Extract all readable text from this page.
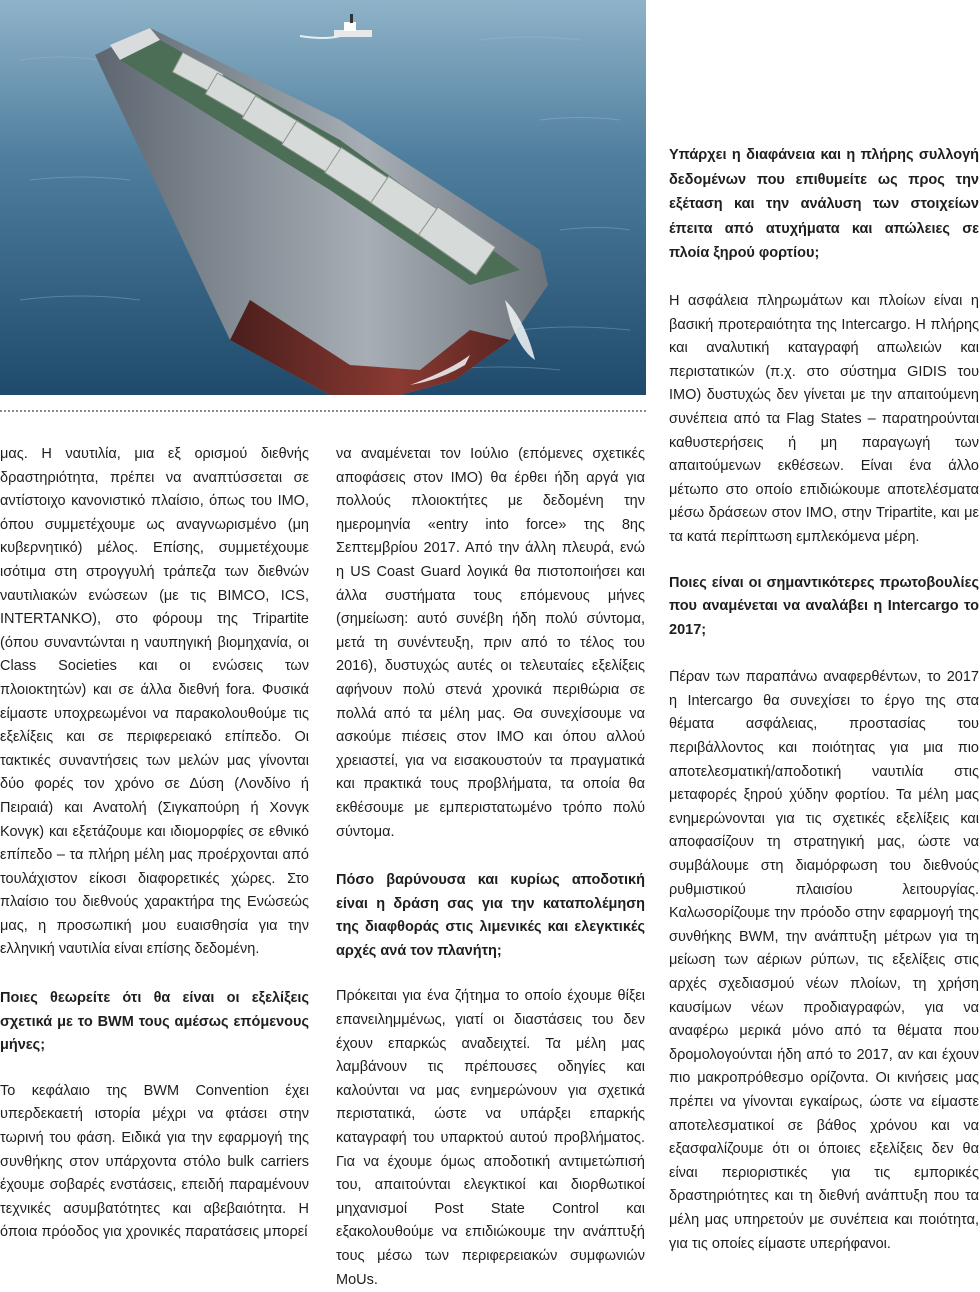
μας. Η ναυτιλία, μια εξ ορισμού διεθνής δραστηριότητα, πρέπει να αναπτύσσεται σε αντίστοιχο κανονιστικό πλαίσιο, όπως του IMO, όπου συμμετέχουμε ως αναγνωρισμένο (μη κυβερνητικό) μέλος. Επίσης, συμμετέχουμε ισότιμα στη στρογγυλή τράπεζα των διεθνών ναυτιλιακών ενώσεων (με τις BIMCO, ICS, INTERTANKO), στο φόρουμ της Tripartite (όπου συναντώνται η ναυπηγική βιομηχανία, οι Class Societies και οι ενώσεις των πλοιοκτητών) και σε άλλα διεθνή fora. Φυσικά είμαστε υποχρεωμένοι να παρακολουθούμε τις εξελίξεις και σε περιφερειακό επίπεδο. Οι τακτικές συναντήσεις των μελών μας γίνονται δύο φορές τον χρόνο σε Δύση (Λονδίνο ή Πειραιά) και Ανατολή (Σιγκαπούρη ή Χονγκ Κονγκ) και εξετάζουμε και ιδιομορφίες σε εθνικό επίπεδο – τα πλήρη μέλη μας προέρχονται από τουλάχιστον είκοσι διαφορετικές χώρες. Στο πλαίσιο του διεθνούς χαρακτήρα της Ενώσεώς μας, η προσωπική μου ευαισθησία για την ελληνική ναυτιλία είναι επίσης δεδομένη.

Ποιες θεωρείτε ότι θα είναι οι εξελίξεις σχετικά με το BWM τους αμέσως επόμενους μήνες;

Το κεφάλαιο της BWM Convention έχει υπερδεκαετή ιστορία μέχρι να φτάσει στην τωρινή του φάση. Ειδικά για την εφαρμογή της συνθήκης στον υπάρχοντα στόλο bulk carriers έχουμε σοβαρές ενστάσεις, επειδή παραμένουν τεχνικές ασυμβατότητες και αβεβαιότητα. Η όποια πρόοδος για χρονικές παρατάσεις μπορεί

να αναμένεται τον Ιούλιο (επόμενες σχετικές αποφάσεις στον IMO) θα έρθει ήδη αργά για πολλούς πλοιοκτήτες με δεδομένη την ημερομηνία «entry into force» της 8ης Σεπτεμβρίου 2017. Από την άλλη πλευρά, ενώ η US Coast Guard λογικά θα πιστοποιήσει και άλλα συστήματα τους επόμενους μήνες (σημείωση: αυτό συνέβη ήδη πολύ σύντομα, μετά τη συνέντευξη, πριν από το τέλος του 2016), δυστυχώς αυτές οι τελευταίες εξελίξεις αφήνουν πολύ στενά χρονικά περιθώρια σε πολλά από τα μέλη μας. Θα συνεχίσουμε να ασκούμε πιέσεις στον IMO και όπου αλλού χρειαστεί, για να εισακουστούν τα πραγματικά και πρακτικά τους προβλήματα, τα οποία θα εκθέσουμε με εμπεριστατωμένο τρόπο πολύ σύντομα.

Πόσο βαρύνουσα και κυρίως αποδοτική είναι η δράση σας για την καταπολέμηση της διαφθοράς στις λιμενικές και ελεγκτικές αρχές ανά τον πλανήτη;

Πρόκειται για ένα ζήτημα το οποίο έχουμε θίξει επανειλημμένως, γιατί οι διαστάσεις του δεν έχουν επαρκώς αναδειχτεί. Τα μέλη μας λαμβάνουν τις πρέπουσες οδηγίες και καλούνται να μας ενημερώνουν για σχετικά περιστατικά, ώστε να υπάρξει επαρκής καταγραφή του υπαρκτού αυτού προβλήματος. Για να έχουμε όμως αποδοτική αντιμετώπισή του, απαιτούνται ελεγκτικοί και διορθωτικοί μηχανισμοί Post State Control και εξακολουθούμε να επιδιώκουμε την ανάπτυξή τους μέσω των περιφερειακών συμφωνιών MoUs.

Υπάρχει η διαφάνεια και η πλήρης συλλογή δεδομένων που επιθυμείτε ως προς την εξέταση και την ανάλυση των στοιχείων έπειτα από ατυχήματα και απώλειες σε πλοία ξηρού φορτίου;

Η ασφάλεια πληρωμάτων και πλοίων είναι η βασική προτεραιότητα της Intercargo. Η πλήρης και αναλυτική καταγραφή απωλειών και περιστατικών (π.χ. στο σύστημα GIDIS του IMO) δυστυχώς δεν γίνεται με την απαιτούμενη συνέπεια από τα Flag States – παρατηρούνται καθυστερήσεις ή μη παραγωγή των απαιτούμενων εκθέσεων. Είναι ένα άλλο μέτωπο στο οποίο επιδιώκουμε αποτελέσματα μέσω δράσεων στον IMO, στην Tripartite, και με τα κατά περίπτωση εμπλεκόμενα μέρη.

Ποιες είναι οι σημαντικότερες πρωτοβουλίες που αναμένεται να αναλάβει η Intercargo το 2017;

Πέραν των παραπάνω αναφερθέντων, το 2017 η Intercargo θα συνεχίσει το έργο της στα θέματα ασφάλειας, προστασίας του περιβάλλοντος και ποιότητας για μια πιο αποτελεσματική/αποδοτική ναυτιλία στις μεταφορές ξηρού χύδην φορτίου. Τα μέλη μας ενημερώνονται για τις σχετικές εξελίξεις και αποφασίζουν τη στρατηγική μας, ώστε να συμβάλουμε στη διαμόρφωση του διεθνούς ρυθμιστικού πλαισίου λειτουργίας. Καλωσορίζουμε την πρόοδο στην εφαρμογή της συνθήκης BWM, την ανάπτυξη μέτρων για τη μείωση των αέριων ρύπων, τις εξελίξεις στις αρχές σχεδιασμού νέων πλοίων, τη χρήση καυσίμων νέων προδιαγραφών, για να αναφέρω μερικά μόνο από τα θέματα που δρομολογούνται ήδη από το 2017, αν και έχουν πιο μακροπρόθεσμο ορίζοντα. Οι κινήσεις μας πρέπει να γίνονται εγκαίρως, ώστε να είμαστε αποτελεσματικοί σε βάθος χρόνου και να εξασφαλίζουμε ότι οι όποιες εξελίξεις δεν θα είναι περιοριστικές για τις εμπορικές δραστηριότητες και τη διεθνή ανάπτυξη που τα μέλη μας υπηρετούν με συνέπεια και ποιότητα, για τις οποίες είμαστε υπερήφανοι.
